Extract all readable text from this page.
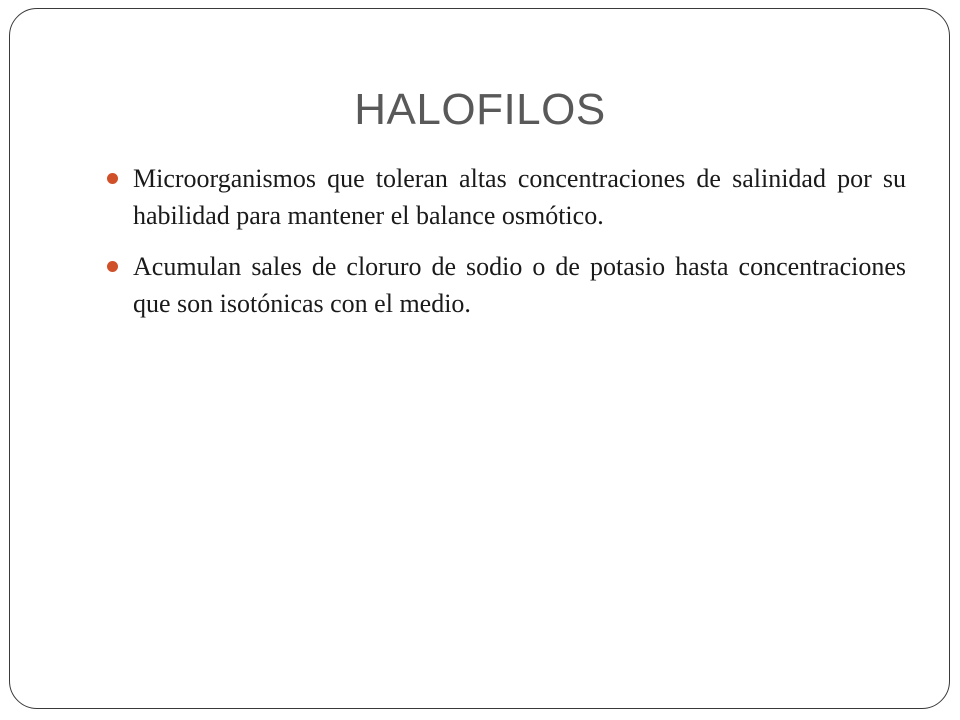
HALOFILOS
Microorganismos que toleran altas concentraciones de salinidad por su habilidad para mantener el balance osmótico.
Acumulan sales de cloruro de sodio o de potasio hasta concentraciones que son isotónicas con el medio.
